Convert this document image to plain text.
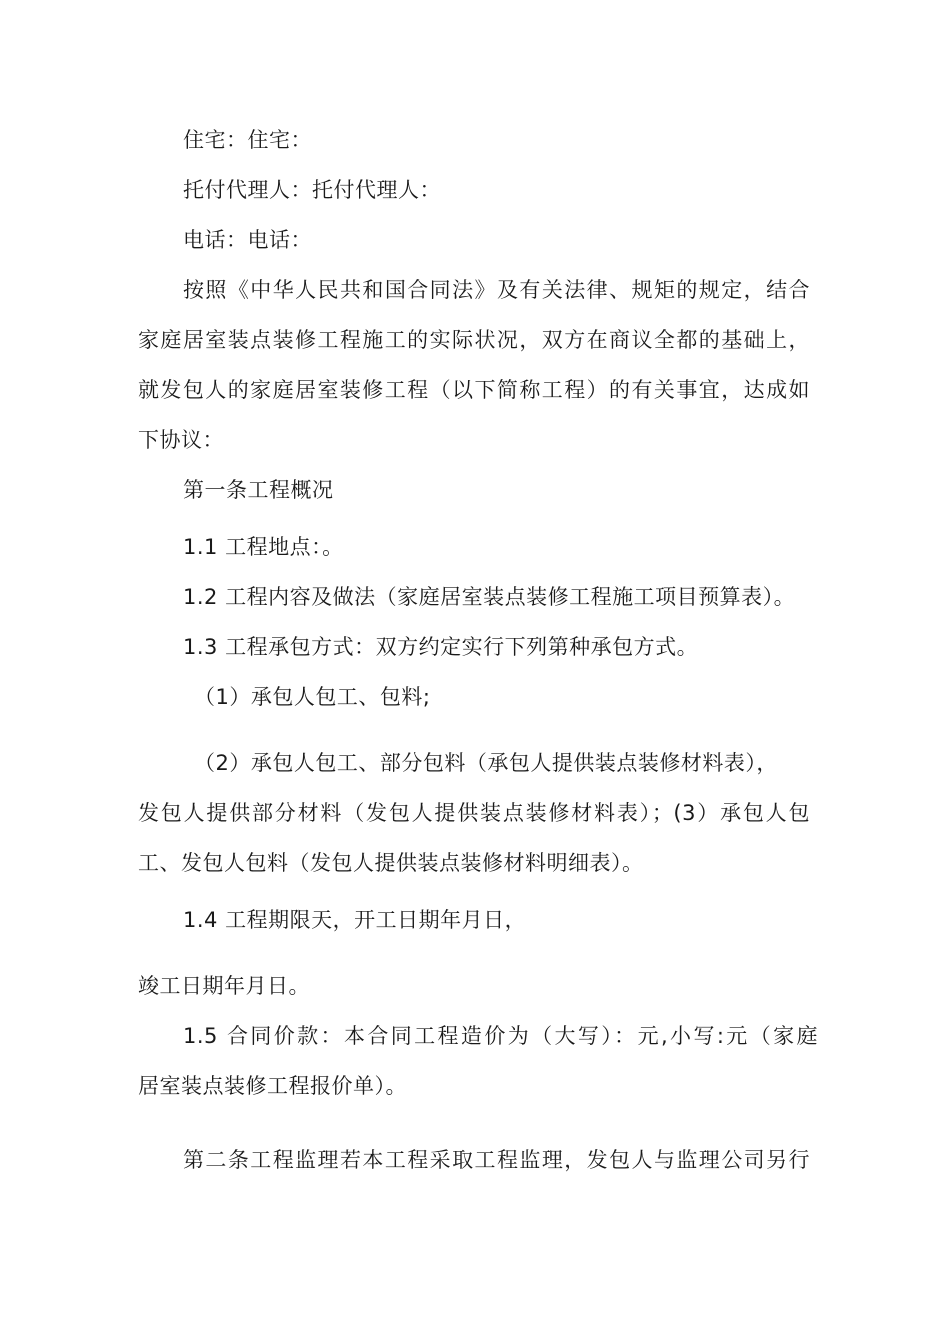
住宅：住宅：
托付代理人：托付代理人：
电话：电话：
按照《中华人民共和国合同法》及有关法律、规矩的规定，结合
家庭居室装点装修工程施工的实际状况，双方在商议全都的基础上，
就发包人的家庭居室装修工程（以下简称工程）的有关事宜，达成如
下协议：
第一条工程概况
1.1 工程地点：。
1.2 工程内容及做法（家庭居室装点装修工程施工项目预算表）。
1.3 工程承包方式：双方约定实行下列第种承包方式。
（1）承包人包工、包料;
（2）承包人包工、部分包料（承包人提供装点装修材料表），
发包人提供部分材料（发包人提供装点装修材料表）；(3）承包人包
工、发包人包料（发包人提供装点装修材料明细表）。
1.4 工程期限天，开工日期年月日，
竣工日期年月日。
1.5 合同价款：本合同工程造价为（大写）：元,小写:元（家庭
居室装点装修工程报价单）。
第二条工程监理若本工程采取工程监理，发包人与监理公司另行
